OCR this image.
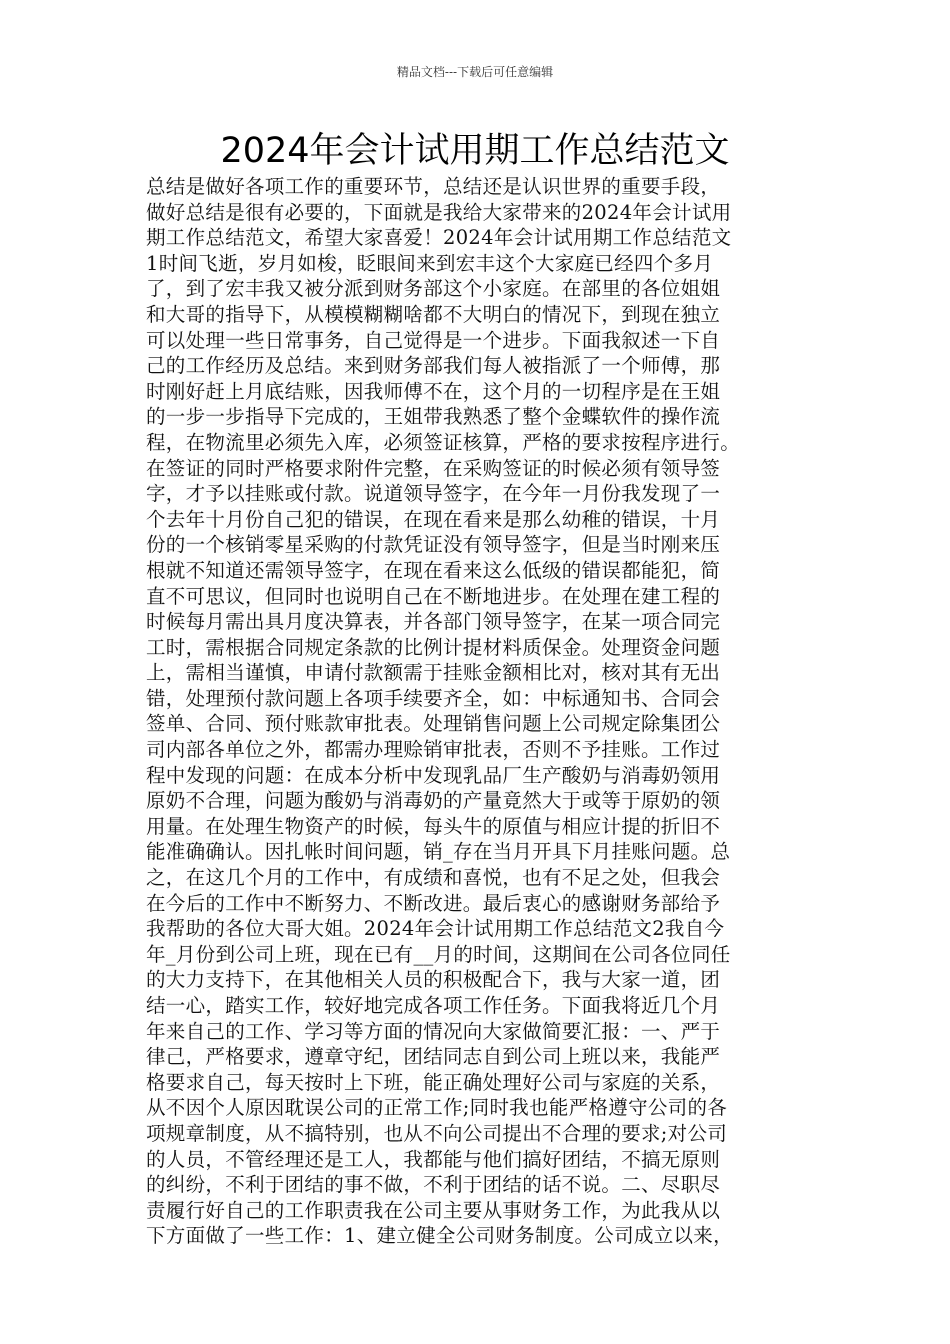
精品文档---下载后可任意编辑
2024年会计试用期工作总结范文
总结是做好各项工作的重要环节，总结还是认识世界的重要手段，
做好总结是很有必要的，下面就是我给大家带来的2024年会计试用
期工作总结范文，希望大家喜爱！2024年会计试用期工作总结范文
1时间飞逝，岁月如梭，眨眼间来到宏丰这个大家庭已经四个多月
了，到了宏丰我又被分派到财务部这个小家庭。在部里的各位姐姐
和大哥的指导下，从模模糊糊啥都不大明白的情况下，到现在独立
可以处理一些日常事务，自己觉得是一个进步。下面我叙述一下自
己的工作经历及总结。来到财务部我们每人被指派了一个师傅，那
时刚好赶上月底结账，因我师傅不在，这个月的一切程序是在王姐
的一步一步指导下完成的，王姐带我熟悉了整个金蝶软件的操作流
程，在物流里必须先入库，必须签证核算，严格的要求按程序进行。
在签证的同时严格要求附件完整，在采购签证的时候必须有领导签
字，才予以挂账或付款。说道领导签字，在今年一月份我发现了一
个去年十月份自己犯的错误，在现在看来是那么幼稚的错误，十月
份的一个核销零星采购的付款凭证没有领导签字，但是当时刚来压
根就不知道还需领导签字，在现在看来这么低级的错误都能犯，简
直不可思议，但同时也说明自己在不断地进步。在处理在建工程的
时候每月需出具月度决算表，并各部门领导签字，在某一项合同完
工时，需根据合同规定条款的比例计提材料质保金。处理资金问题
上，需相当谨慎，申请付款额需于挂账金额相比对，核对其有无出
错，处理预付款问题上各项手续要齐全，如：中标通知书、合同会
签单、合同、预付账款审批表。处理销售问题上公司规定除集团公
司内部各单位之外，都需办理赊销审批表，否则不予挂账。工作过
程中发现的问题：在成本分析中发现乳品厂生产酸奶与消毒奶领用
原奶不合理，问题为酸奶与消毒奶的产量竟然大于或等于原奶的领
用量。在处理生物资产的时候，每头牛的原值与相应计提的折旧不
能准确确认。因扎帐时间问题，销_存在当月开具下月挂账问题。总
之，在这几个月的工作中，有成绩和喜悦，也有不足之处，但我会
在今后的工作中不断努力、不断改进。最后衷心的感谢财务部给予
我帮助的各位大哥大姐。2024年会计试用期工作总结范文2我自今
年_月份到公司上班，现在已有__月的时间，这期间在公司各位同任
的大力支持下，在其他相关人员的积极配合下，我与大家一道，团
结一心，踏实工作，较好地完成各项工作任务。下面我将近几个月
年来自己的工作、学习等方面的情况向大家做简要汇报：一、严于
律己，严格要求，遵章守纪，团结同志自到公司上班以来，我能严
格要求自己，每天按时上下班，能正确处理好公司与家庭的关系，
从不因个人原因耽误公司的正常工作;同时我也能严格遵守公司的各
项规章制度，从不搞特别，也从不向公司提出不合理的要求;对公司
的人员，不管经理还是工人，我都能与他们搞好团结，不搞无原则
的纠纷，不利于团结的事不做，不利于团结的话不说。二、尽职尽
责履行好自己的工作职责我在公司主要从事财务工作，为此我从以
下方面做了一些工作：1、建立健全公司财务制度。公司成立以来，
